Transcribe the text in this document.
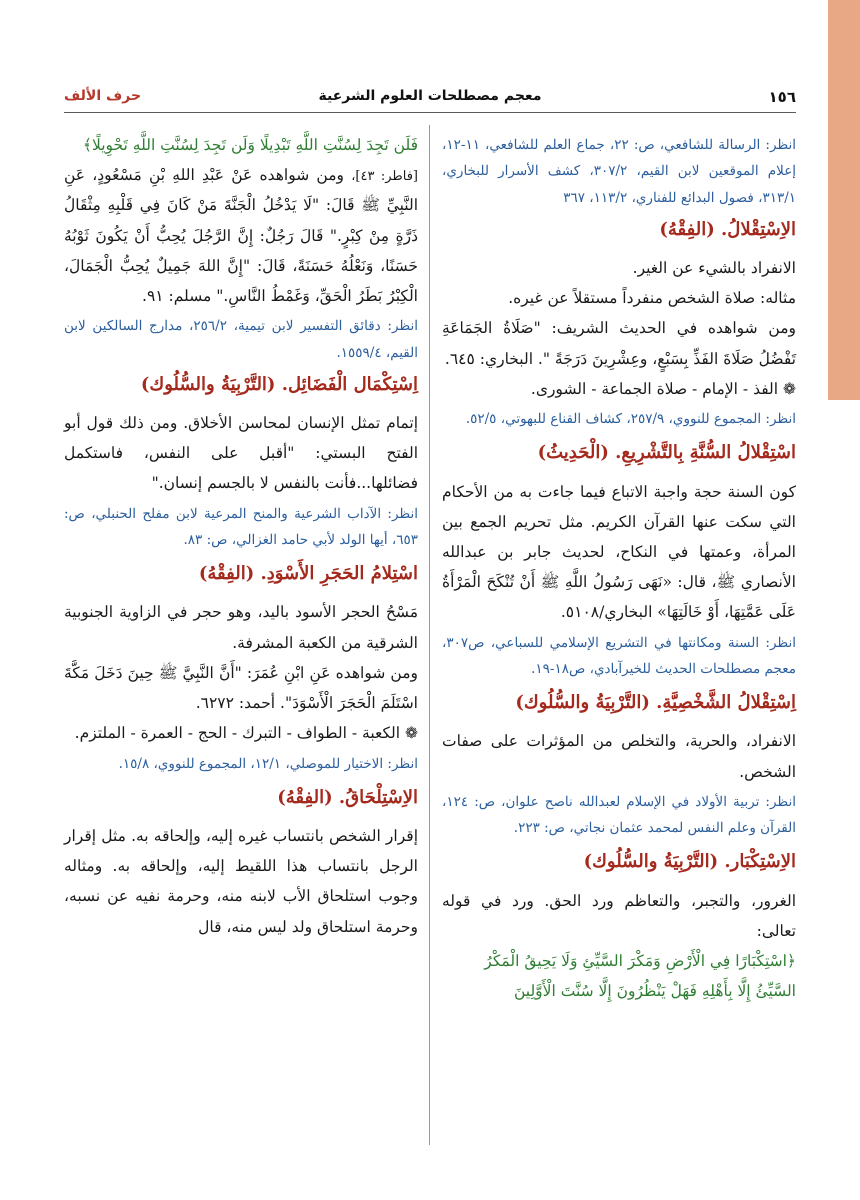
١٥٦
معجم مصطلحات العلوم الشرعية
حرف الألف

انظر: الرسالة للشافعي، ص: ٢٢، جماع العلم للشافعي، ١١-١٢، إعلام الموقعين لابن القيم، ٣٠٧/٢، كشف الأسرار للبخاري، ٣١٣/١، فصول البدائع للفناري، ١١٣/٢، ٣٦٧

الاِسْتِقْلالُ. (الفِقْهُ)

الانفراد بالشيء عن الغير.

مثاله: صلاة الشخص منفرداً مستقلاً عن غيره.

ومن شواهده في الحديث الشريف: "صَلَاةُ الجَمَاعَةِ تَفْضُلُ صَلَاةَ الفَذِّ بِسَبْعٍ، وعِشْرِينَ دَرَجَةً ". البخاري: ٦٤٥.

❁ الفذ - الإمام - صلاة الجماعة - الشورى.

انظر: المجموع للنووي، ٢٥٧/٩، كشاف القناع للبهوتي، ٥٢/٥.

اسْتِقْلالُ السُّنَّةِ بِالتَّشْرِيعِ. (الْحَدِيثُ)

كون السنة حجة واجبة الاتباع فيما جاءت به من الأحكام التي سكت عنها القرآن الكريم. مثل تحريم الجمع بين المرأة، وعمتها في النكاح، لحديث جابر بن عبدالله الأنصاري ﷺ، قال: «نَهَى رَسُولُ اللَّهِ ﷺ أَنْ تُنْكَحَ الْمَرْأَةُ عَلَى عَمَّتِهَا، أَوْ خَالَتِهَا» البخاري/٥١٠٨.

انظر: السنة ومكانتها في التشريع الإسلامي للسباعي، ص٣٠٧، معجم مصطلحات الحديث للخيرآبادي، ص١٨-١٩.

اِسْتِقْلالُ الشَّخْصِيَّةِ. (التَّرْبِيَةُ والسُّلُوك)

الانفراد، والحرية، والتخلص من المؤثرات على صفات الشخص.

انظر: تربية الأولاد في الإسلام لعبدالله ناصح علوان، ص: ١٢٤، القرآن وعلم النفس لمحمد عثمان نجاتي، ص: ٢٢٣.

الاِسْتِكْبَار. (التَّرْبِيَةُ والسُّلُوك)

الغرور، والتجبر، والتعاظم ورد الحق. ورد في قوله تعالى:

﴿اسْتِكْبَارًا فِي الْأَرْضِ وَمَكْرَ السَّيِّئِ وَلَا يَحِيقُ الْمَكْرُ السَّيِّئُ إِلَّا بِأَهْلِهِ فَهَلْ يَنْظُرُونَ إِلَّا سُنَّتَ الْأَوَّلِينَ

فَلَن تَجِدَ لِسُنَّتِ اللَّهِ تَبْدِيلًا وَلَن تَجِدَ لِسُنَّتِ اللَّهِ تَحْوِيلًا﴾

[فاطر: ٤٣]، ومن شواهده عَنْ عَبْدِ اللهِ بْنِ مَسْعُودٍ، عَنِ النَّبِيِّ ﷺ قَالَ: "لَا يَدْخُلُ الْجَنَّةَ مَنْ كَانَ فِي قَلْبِهِ مِثْقَالُ ذَرَّةٍ مِنْ كِبْرٍ." قَالَ رَجُلٌ: إِنَّ الرَّجُلَ يُحِبُّ أَنْ يَكُونَ ثَوْبُهُ حَسَنًا، وَنَعْلُهُ حَسَنَةً، قَالَ: "إِنَّ اللهَ جَمِيلٌ يُحِبُّ الْجَمَالَ، الْكِبْرُ بَطَرُ الْحَقِّ، وَغَمْطُ النَّاسِ." مسلم: ٩١.

انظر: دقائق التفسير لابن تيمية، ٢٥٦/٢، مدارج السالكين لابن القيم، ١٥٥٩/٤.

اِسْتِكْمَال الْفَضَائِل. (التَّرْبِيَةُ والسُّلُوك)

إتمام تمثل الإنسان لمحاسن الأخلاق. ومن ذلك قول أبو الفتح البستي: "أقبل على النفس، فاستكمل فضائلها...فأنت بالنفس لا بالجسم إنسان."

انظر: الآداب الشرعية والمنح المرعية لابن مفلح الحنبلي، ص: ٦٥٣، أيها الولد لأبي حامد الغزالي، ص: ٨٣.

اسْتِلامُ الحَجَرِ الأَسْوَدِ. (الفِقْهُ)

مَسْحُ الحجر الأسود باليد، وهو حجر في الزاوية الجنوبية الشرقية من الكعبة المشرفة.

ومن شواهده عَنِ ابْنِ عُمَرَ: "أَنَّ النَّبِيَّ ﷺ حِينَ دَخَلَ مَكَّةَ اسْتَلَمَ الْحَجَرَ الْأَسْوَدَ". أحمد: ٦٢٧٢.

❁ الكعبة - الطواف - التبرك - الحج - العمرة - الملتزم.

انظر: الاختيار للموصلي، ١٢/١، المجموع للنووي، ١٥/٨.

الاِسْتِلْحَاقُ. (الفِقْهُ)

إقرار الشخص بانتساب غيره إليه، وإلحاقه به. مثل إقرار الرجل بانتساب هذا اللقيط إليه، وإلحاقه به. ومثاله وجوب استلحاق الأب لابنه منه، وحرمة نفيه عن نسبه، وحرمة استلحاق ولد ليس منه، قال
